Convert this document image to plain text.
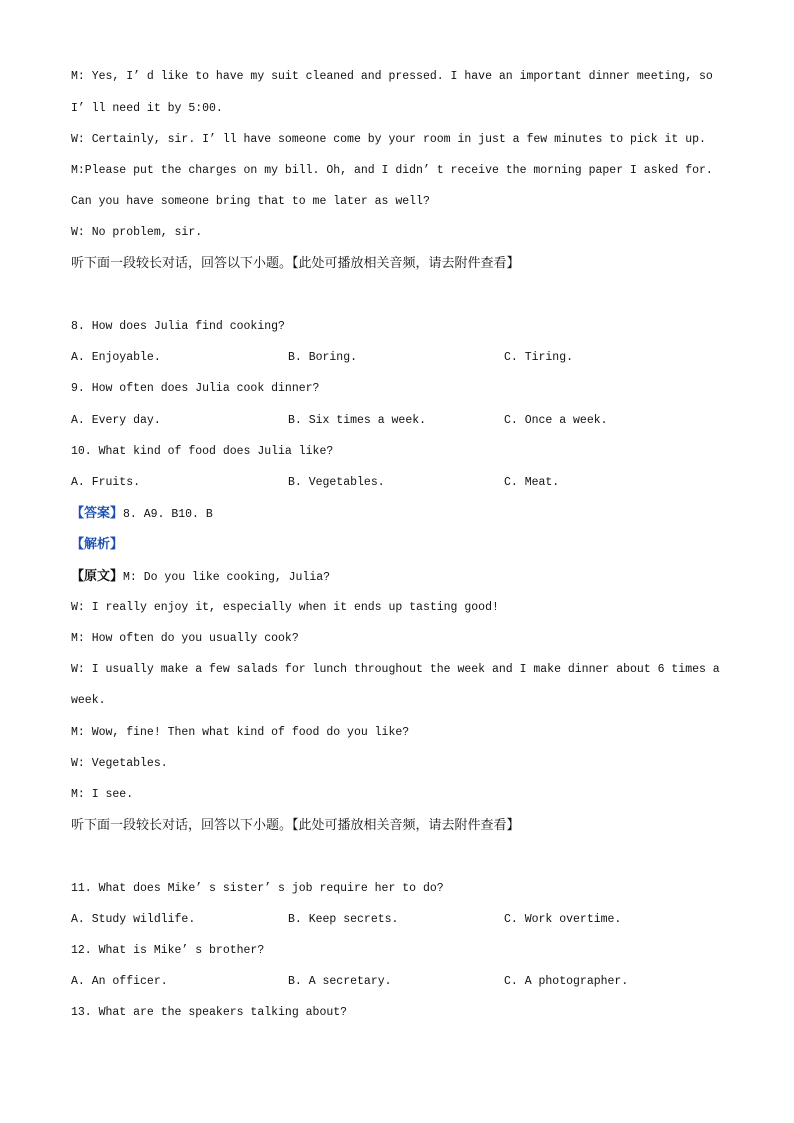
M: Yes, I’ d like to have my suit cleaned and pressed. I have an important dinner meeting, so
I’ ll need it by 5:00.
W: Certainly, sir. I’ ll have someone come by your room in just a few minutes to pick it up.
M:Please put the charges on my bill. Oh, and I didn’ t receive the morning paper I asked for.
Can you have someone bring that to me later as well?
W: No problem, sir.
听下面一段较长对话，回答以下小题。【此处可播放相关音频，请去附件查看】
8. How does Julia find cooking?
A. Enjoyable.	B. Boring.	C. Tiring.
9. How often does Julia cook dinner?
A. Every day.	B. Six times a week.	C. Once a week.
10. What kind of food does Julia like?
A. Fruits.	B. Vegetables.	C. Meat.
【答案】8. A9. B10. B
【解析】
【原文】M: Do you like cooking, Julia?
W: I really enjoy it, especially when it ends up tasting good!
M: How often do you usually cook?
W: I usually make a few salads for lunch throughout the week and I make dinner about 6 times a
week.
M: Wow, fine! Then what kind of food do you like?
W: Vegetables.
M: I see.
听下面一段较长对话，回答以下小题。【此处可播放相关音频，请去附件查看】
11. What does Mike’ s sister’ s job require her to do?
A. Study wildlife.	B. Keep secrets.	C. Work overtime.
12. What is Mike’ s brother?
A. An officer.	B. A secretary.	C. A photographer.
13. What are the speakers talking about?
